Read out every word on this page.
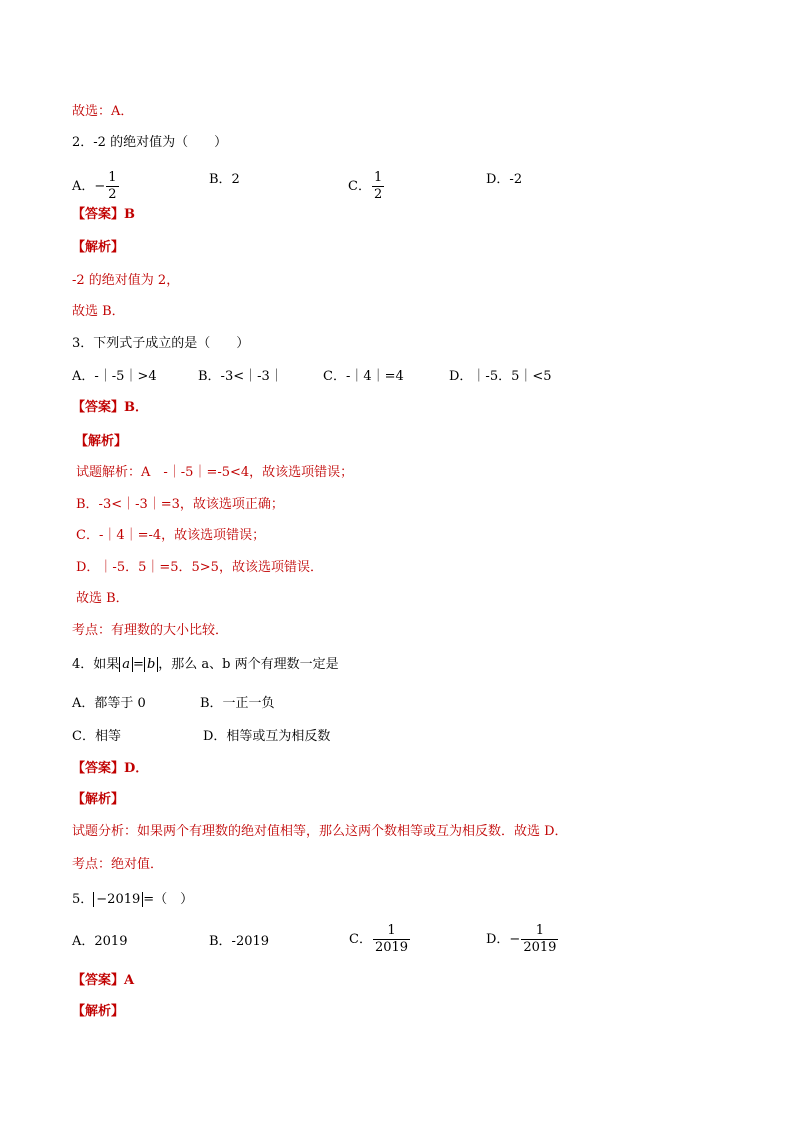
故选：A．
2．-2 的绝对值为（　　）
A．− $\frac{1}{2}$	B．2	C． $\frac{1}{2}$	D．-2
【答案】B
【解析】
-2 的绝对值为 2，
故选 B．
3．下列式子成立的是（　　）
A．-｜-5｜>4	B．-3<｜-3｜	C．-｜4｜=4	D．｜-5．5｜<5
【答案】B．
【解析】
试题解析：A　-｜-5｜=-5<4，故该选项错误；
B．-3<｜-3｜=3，故该选项正确；
C．-｜4｜=-4，故该选项错误；
D．｜-5．5｜=5．5>5，故该选项错误．
故选 B．
考点：有理数的大小比较．
4．如果 a = b ，那么 a、b 两个有理数一定是
A．都等于 0	B．一正一负
C．相等	D．相等或互为相反数
【答案】D．
【解析】
试题分析：如果两个有理数的绝对值相等，那么这两个数相等或互为相反数．故选 D．
考点：绝对值．
5． −2019 =（　）
A．2019	B．-2019	C． $\frac{1}{2019}$	D．− $\frac{1}{2019}$
【答案】A
【解析】
